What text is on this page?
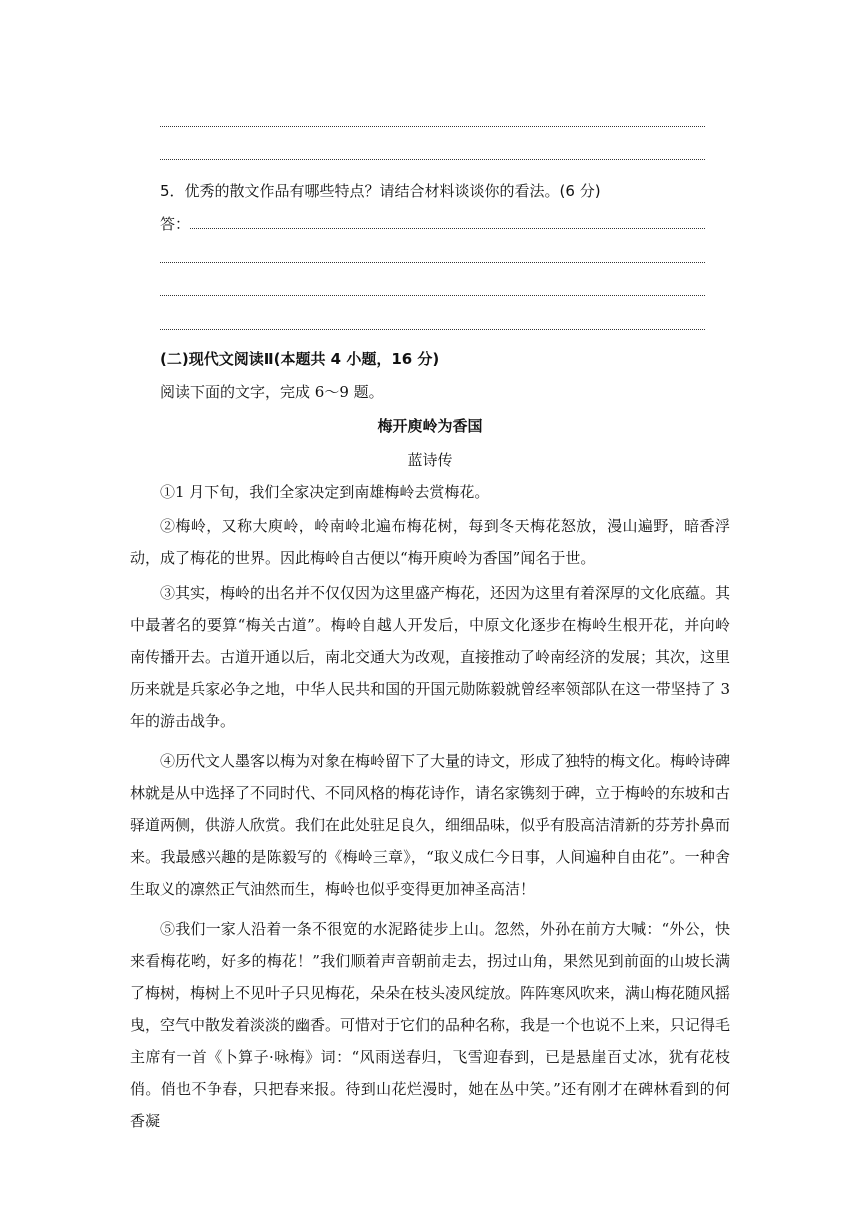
5．优秀的散文作品有哪些特点？请结合材料谈谈你的看法。(6 分)
答：
(二)现代文阅读Ⅱ(本题共 4 小题，16 分)
阅读下面的文字，完成 6～9 题。
梅开庾岭为香国
蓝诗传
①1 月下旬，我们全家决定到南雄梅岭去赏梅花。
②梅岭，又称大庾岭，岭南岭北遍布梅花树，每到冬天梅花怒放，漫山遍野，暗香浮动，成了梅花的世界。因此梅岭自古便以“梅开庾岭为香国”闻名于世。
③其实，梅岭的出名并不仅仅因为这里盛产梅花，还因为这里有着深厚的文化底蕴。其中最著名的要算“梅关古道”。梅岭自越人开发后，中原文化逐步在梅岭生根开花，并向岭南传播开去。古道开通以后，南北交通大为改观，直接推动了岭南经济的发展；其次，这里历来就是兵家必争之地，中华人民共和国的开国元勋陈毅就曾经率领部队在这一带坚持了 3 年的游击战争。
④历代文人墨客以梅为对象在梅岭留下了大量的诗文，形成了独特的梅文化。梅岭诗碑林就是从中选择了不同时代、不同风格的梅花诗作，请名家镌刻于碑，立于梅岭的东坡和古驿道两侧，供游人欣赏。我们在此处驻足良久，细细品味，似乎有股高洁清新的芬芳扑鼻而来。我最感兴趣的是陈毅写的《梅岭三章》，“取义成仁今日事，人间遍种自由花”。一种舍生取义的凛然正气油然而生，梅岭也似乎变得更加神圣高洁！
⑤我们一家人沿着一条不很宽的水泥路徒步上山。忽然，外孙在前方大喊：“外公，快来看梅花哟，好多的梅花！”我们顺着声音朝前走去，拐过山角，果然见到前面的山坡长满了梅树，梅树上不见叶子只见梅花，朵朵在枝头凌风绽放。阵阵寒风吹来，满山梅花随风摇曳，空气中散发着淡淡的幽香。可惜对于它们的品种名称，我是一个也说不上来，只记得毛主席有一首《卜算子·咏梅》词：“风雨送春归，飞雪迎春到，已是悬崖百丈冰，犹有花枝俏。俏也不争春，只把春来报。待到山花烂漫时，她在丛中笑。”还有刚才在碑林看到的何香凝
